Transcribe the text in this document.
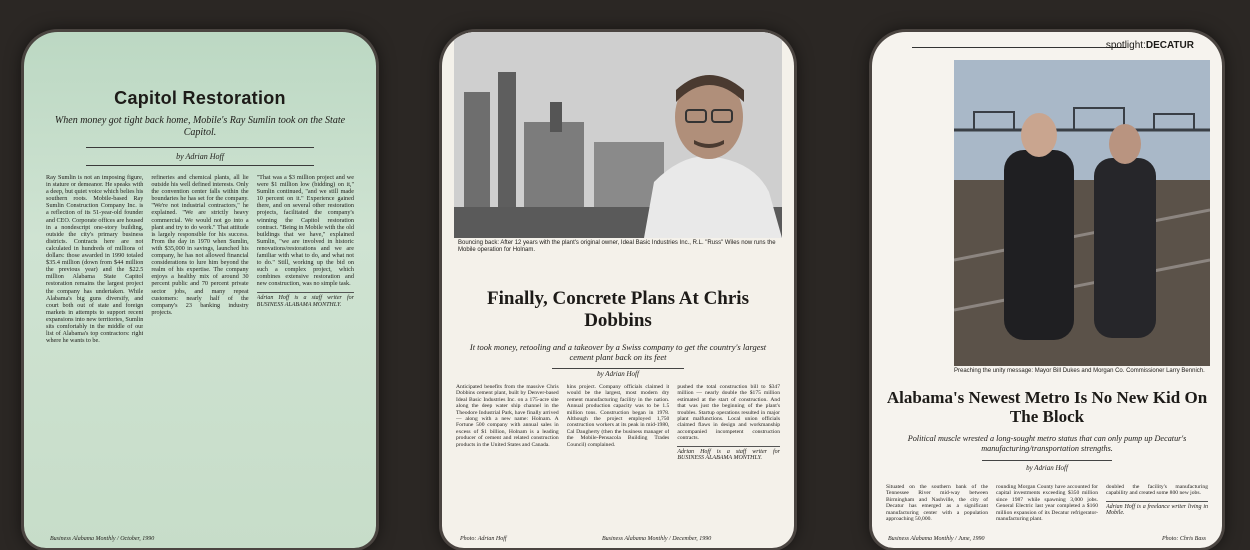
Capitol Restoration
When money got tight back home, Mobile's Ray Sumlin took on the State Capitol.
by Adrian Hoff

Ray Sumlin is not an imposing figure, in stature or demeanor. He speaks with a deep, but quiet voice which belies his southern roots. Mobile-based Ray Sumlin Construction Company Inc. is a reflection of its 51-year-old founder and CEO. Corporate offices are housed in a nondescript one-story building, outside the city's primary business districts. Contracts here are not calculated in hundreds of millions of dollars: those awarded in 1990 totaled $35.4 million (down from $44 million the previous year) and the $22.5 million Alabama State Capitol restoration remains the largest project the company has undertaken. While Alabama's big guns diversify, and court both out of state and foreign markets in attempts to support recent expansions into new territories, Sumlin sits comfortably in the middle of our list of Alabama's top contractors: right where he wants to be.

refineries and chemical plants, all lie outside his well defined interests. Only the convention center falls within the boundaries he has set for the company. "We're not industrial contractors," he explained. "We are strictly heavy commercial. We would not go into a plant and try to do work." That attitude is largely responsible for his success. From the day in 1970 when Sumlin, with $35,000 in savings, launched his company, he has not allowed financial considerations to lure him beyond the realm of his expertise. The company enjoys a healthy mix of around 30 percent public and 70 percent private sector jobs, and many repeat customers: nearly half of the company's 23 banking industry projects.

"That was a $3 million project and we were $1 million low (bidding) on it," Sumlin continued, "and we still made 10 percent on it." Experience gained there, and on several other restoration projects, facilitated the company's winning the Capitol restoration contract. "Being in Mobile with the old buildings that we have," explained Sumlin, "we are involved in historic renovations/restorations and we are familiar with what to do, and what not to do." Still, working up the bid on such a complex project, which combines extensive restoration and new construction, was no simple task.

Adrian Hoff is a staff writer for BUSINESS ALABAMA MONTHLY.
Business Alabama Monthly / October, 1990
Bouncing back: After 12 years with the plant's original owner, Ideal Basic Industries Inc., R.L. "Russ" Wiles now runs the Mobile operation for Holnam.
Finally, Concrete Plans At Chris Dobbins
It took money, retooling and a takeover by a Swiss company to get the country's largest cement plant back on its feet
by Adrian Hoff

Anticipated benefits from the massive Chris Dobbins cement plant, built by Denver-based Ideal Basic Industries Inc. on a 175-acre site along the deep water ship channel in the Theodore Industrial Park, have finally arrived — along with a new name: Holnam. A Fortune 500 company with annual sales in excess of $1 billion, Holnam is a leading producer of cement and related construction products in the United States and Canada.

hins project. Company officials claimed it would be the largest, most modern dry cement manufacturing facility in the nation. Annual production capacity was to be 1.5 million tons. Construction began in 1978. Although the project employed 1,750 construction workers at its peak in mid-1980, Cal Daugherty (then the business manager of the Mobile-Pensacola Building Trades Council) complained.

pushed the total construction bill to $347 million — nearly double the $175 million estimated at the start of construction. And that was just the beginning of the plant's troubles. Startup operations resulted in major plant malfunctions. Local union officials claimed flaws in design and workmanship accompanied incompetent construction contracts.

Adrian Hoff is a staff writer for BUSINESS ALABAMA MONTHLY.
Photo: Adrian Hoff	Business Alabama Monthly / December, 1990
spotlight:DECATUR
Preaching the unity message: Mayor Bill Dukes and Morgan Co. Commissioner Larry Bennich.
Alabama's Newest Metro Is No New Kid On The Block
Political muscle wrested a long-sought metro status that can only pump up Decatur's manufacturing/transportation strengths.
by Adrian Hoff

Situated on the southern bank of the Tennessee River mid-way between Birmingham and Nashville, the city of Decatur has emerged as a significant manufacturing center with a population approaching 50,000.

rounding Morgan County have accounted for capital investments exceeding $350 million since 1987 while spawning 3,000 jobs. General Electric last year completed a $160 million expansion of its Decatur refrigerator-manufacturing plant.

doubled the facility's manufacturing capability and created some 800 new jobs.

Adrian Hoff is a freelance writer living in Mobile.
Business Alabama Monthly / June, 1990	Photo: Chris Bass
